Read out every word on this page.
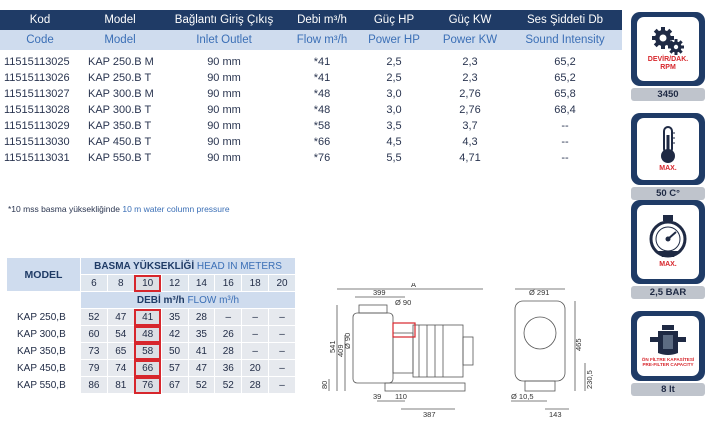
Kod	Model	Bağlantı Giriş Çıkış	Debi m³/h	Güç HP	Güç KW	Ses Şiddeti Db
Code	Model	Inlet Outlet	Flow m³/h	Power HP	Power KW	Sound Intensity

11515113025	KAP 250.B M	90 mm	*41	2,5	2,3	65,2
11515113026	KAP 250.B T	90 mm	*41	2,5	2,3	65,2
11515113027	KAP 300.B M	90 mm	*48	3,0	2,76	65,8
11515113028	KAP 300.B T	90 mm	*48	3,0	2,76	68,4
11515113029	KAP 350.B T	90 mm	*58	3,5	3,7	--
11515113030	KAP 450.B T	90 mm	*66	4,5	4,3	--
11515113031	KAP 550.B T	90 mm	*76	5,5	4,71	--
*10 mss basma yüksekliğinde 10 m water column pressure
MODEL	BASMA YÜKSEKLİĞİ HEAD IN METERS							
	6	8	10	12	14	16	18	20
	DEBİ m³/h FLOW m³/h							
KAP 250,B	52	47	41	35	28	–	–	–
KAP 300,B	60	54	48	42	35	26	–	–
KAP 350,B	73	65	58	50	41	28	–	–
KAP 450,B	79	74	66	57	47	36	20	–
KAP 550,B	86	81	76	67	52	52	28	–
A
399
Ø 90
541 409
Ø 90
80
39 110
387
Ø 291
465
230,5
Ø 10,5
143
DEVİR/DAK. RPM
3450
MAX.
50 C°
MAX.
2,5 BAR
ÖN FİLTRE KAPASİTESİ PRE-FILTER CAPACITY
8 lt
